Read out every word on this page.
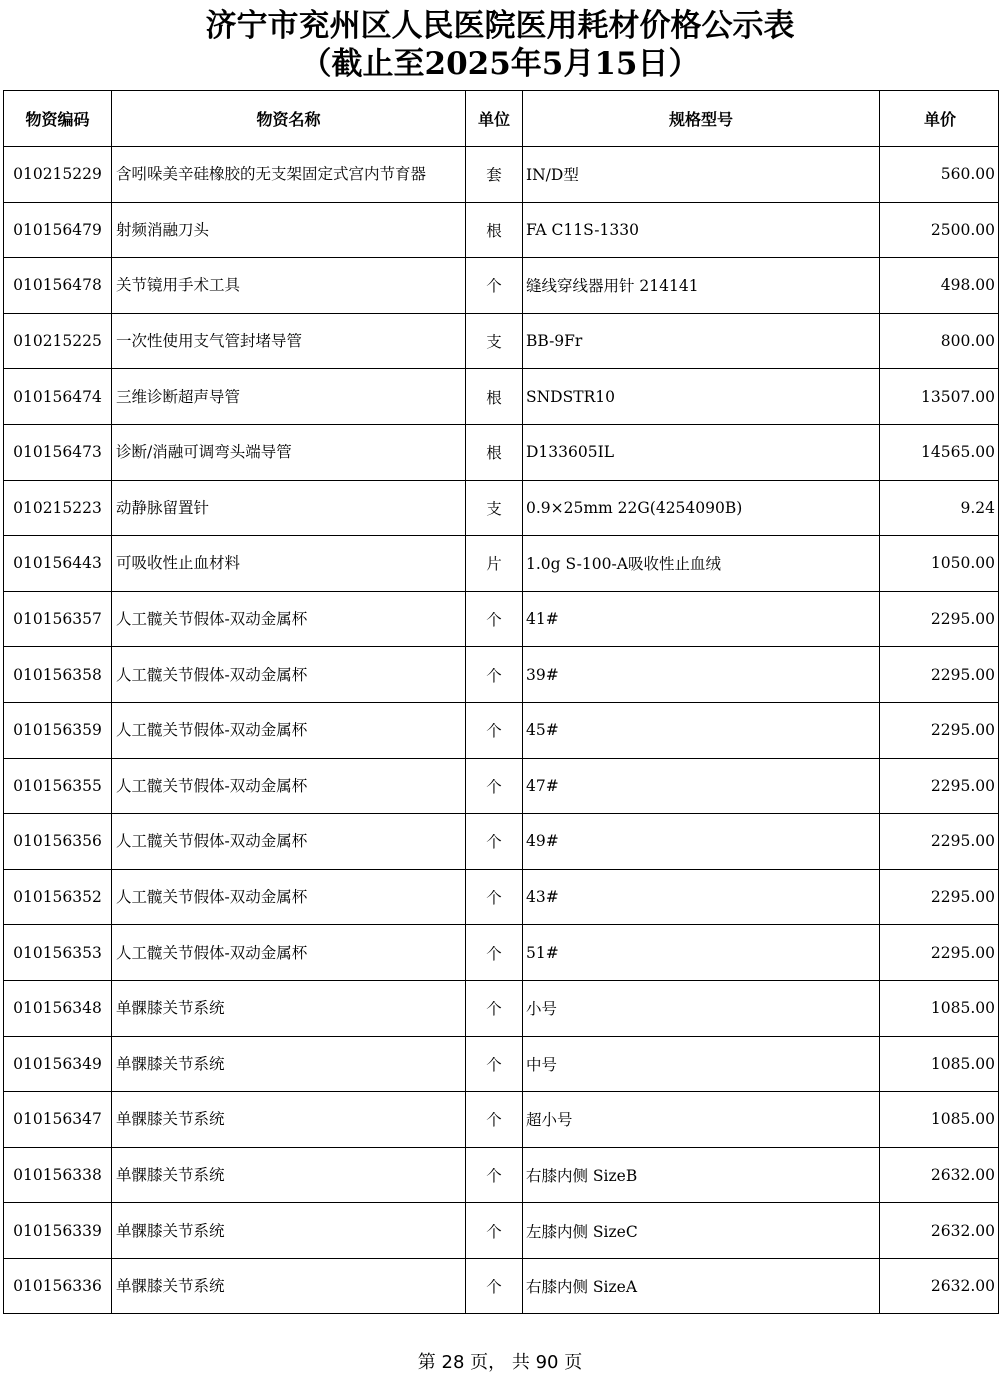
济宁市兖州区人民医院医用耗材价格公示表
（截止至2025年5月15日）
物资编码	物资名称	单位	规格型号	单价
010215229	含吲哚美辛硅橡胶的无支架固定式宫内节育器	套	IN/D型	560.00
010156479	射频消融刀头	根	FA C11S-1330	2500.00
010156478	关节镜用手术工具	个	缝线穿线器用针 214141	498.00
010215225	一次性使用支气管封堵导管	支	BB-9Fr	800.00
010156474	三维诊断超声导管	根	SNDSTR10	13507.00
010156473	诊断/消融可调弯头端导管	根	D133605IL	14565.00
010215223	动静脉留置针	支	0.9×25mm 22G(4254090B)	9.24
010156443	可吸收性止血材料	片	1.0g S-100-A吸收性止血绒	1050.00
010156357	人工髋关节假体-双动金属杯	个	41#	2295.00
010156358	人工髋关节假体-双动金属杯	个	39#	2295.00
010156359	人工髋关节假体-双动金属杯	个	45#	2295.00
010156355	人工髋关节假体-双动金属杯	个	47#	2295.00
010156356	人工髋关节假体-双动金属杯	个	49#	2295.00
010156352	人工髋关节假体-双动金属杯	个	43#	2295.00
010156353	人工髋关节假体-双动金属杯	个	51#	2295.00
010156348	单髁膝关节系统	个	小号	1085.00
010156349	单髁膝关节系统	个	中号	1085.00
010156347	单髁膝关节系统	个	超小号	1085.00
010156338	单髁膝关节系统	个	右膝内侧 SizeB	2632.00
010156339	单髁膝关节系统	个	左膝内侧 SizeC	2632.00
010156336	单髁膝关节系统	个	右膝内侧 SizeA	2632.00
第 28 页， 共 90 页
